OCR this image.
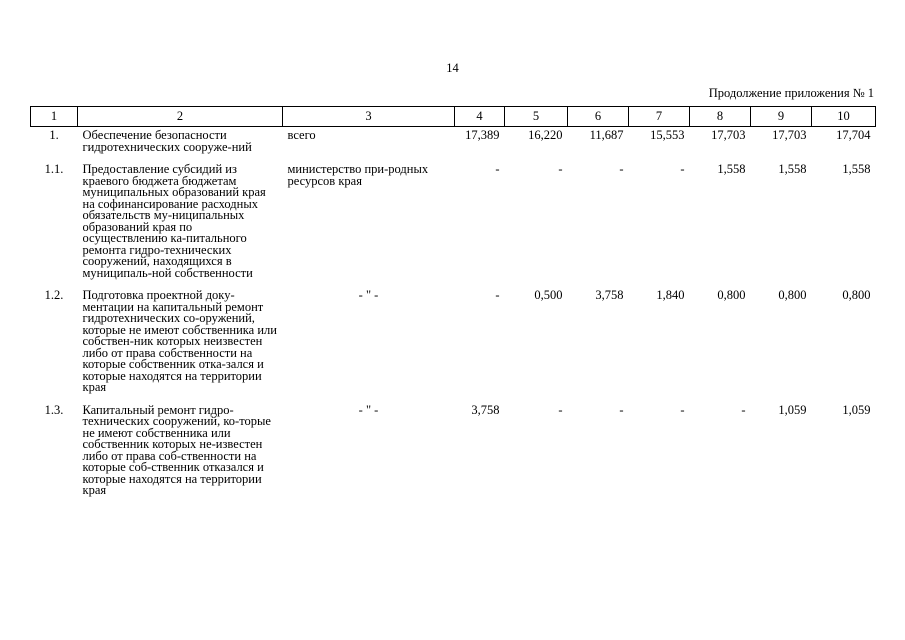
14
Продолжение приложения № 1
1	2	3	4	5	6	7	8	9	10
1.	Обеспечение безопасности гидротехнических сооруже-ний	всего	17,389	16,220	11,687	15,553	17,703	17,703	17,704
1.1.	Предоставление субсидий из краевого бюджета бюджетам муниципальных образований края на софинансирование расходных обязательств му-ниципальных образований края по осуществлению ка-питального ремонта гидро-технических сооружений, находящихся в муниципаль-ной собственности	министерство при-родных ресурсов края	-	-	-	-	1,558	1,558	1,558
1.2.	Подготовка проектной доку-ментации на капитальный ремонт гидротехнических со-оружений, которые не имеют собственника или собствен-ник которых неизвестен либо от права собственности на которые собственник отка-зался и которые находятся на территории края	- " -	-	0,500	3,758	1,840	0,800	0,800	0,800
1.3.	Капитальный ремонт гидро-технических сооружений, ко-торые не имеют собственника или собственник которых не-известен либо от права соб-ственности на которые соб-ственник отказался и которые находятся на территории края	- " -	3,758	-	-	-	-	1,059	1,059
